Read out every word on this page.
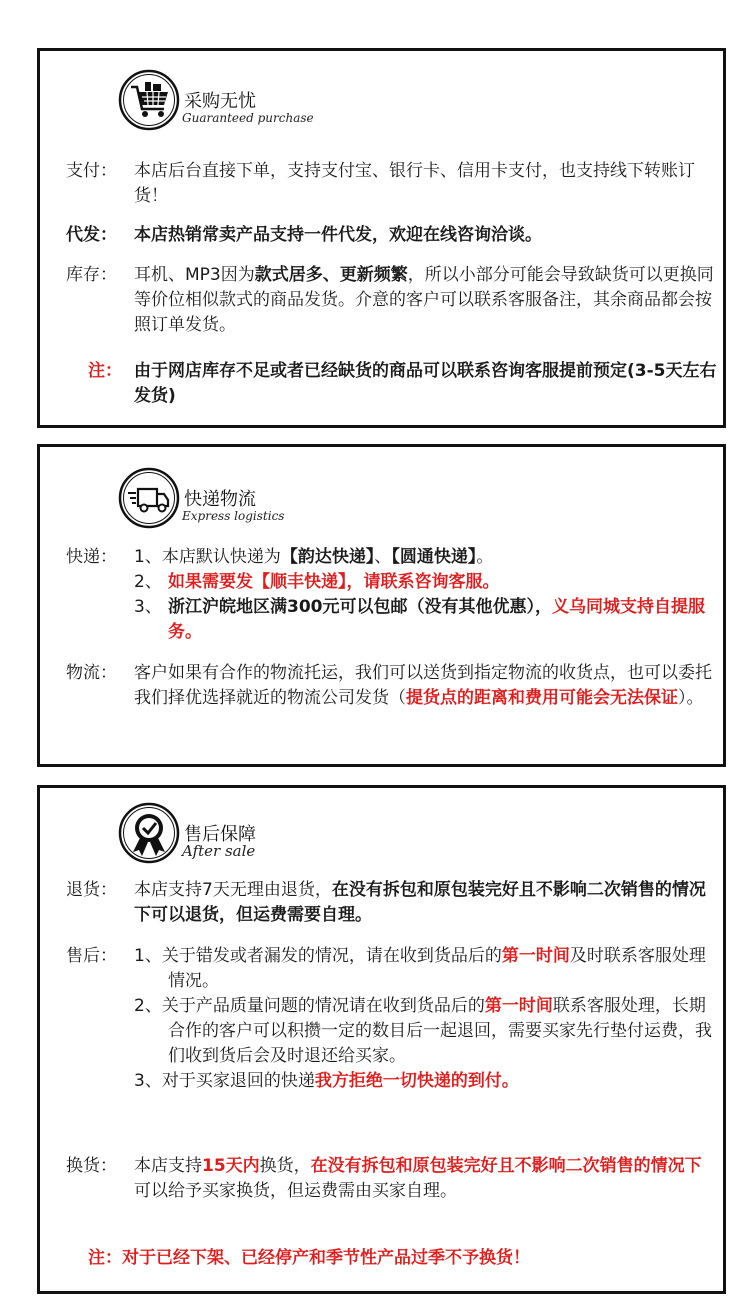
采购无忧
Guaranteed purchase
支付：	本店后台直接下单，支持支付宝、银行卡、信用卡支付，也支持线下转账订货！
代发：	本店热销常卖产品支持一件代发，欢迎在线咨询洽谈。
库存：	耳机、MP3因为款式居多、更新频繁，所以小部分可能会导致缺货可以更换同等价位相似款式的商品发货。介意的客户可以联系客服备注，其余商品都会按照订单发货。
注： 由于网店库存不足或者已经缺货的商品可以联系咨询客服提前预定(3-5天左右发货)
快递物流
Express logistics
快递：	1、本店默认快递为【韵达快递】、【圆通快递】。
2、 如果需要发【顺丰快递】，请联系咨询客服。
3、 浙江沪皖地区满300元可以包邮（没有其他优惠），义乌同城支持自提服务。
物流：	客户如果有合作的物流托运，我们可以送货到指定物流的收货点，也可以委托我们择优选择就近的物流公司发货（提货点的距离和费用可能会无法保证）。
售后保障
After sale
退货：	本店支持7天无理由退货，在没有拆包和原包装完好且不影响二次销售的情况下可以退货，但运费需要自理。
售后：	1、关于错发或者漏发的情况，请在收到货品后的第一时间及时联系客服处理情况。
2、关于产品质量问题的情况请在收到货品后的第一时间联系客服处理，长期合作的客户可以积攒一定的数目后一起退回，需要买家先行垫付运费，我们收到货后会及时退还给买家。
3、对于买家退回的快递我方拒绝一切快递的到付。
换货：	本店支持15天内换货，在没有拆包和原包装完好且不影响二次销售的情况下可以给予买家换货，但运费需由买家自理。
注：对于已经下架、已经停产和季节性产品过季不予换货！
